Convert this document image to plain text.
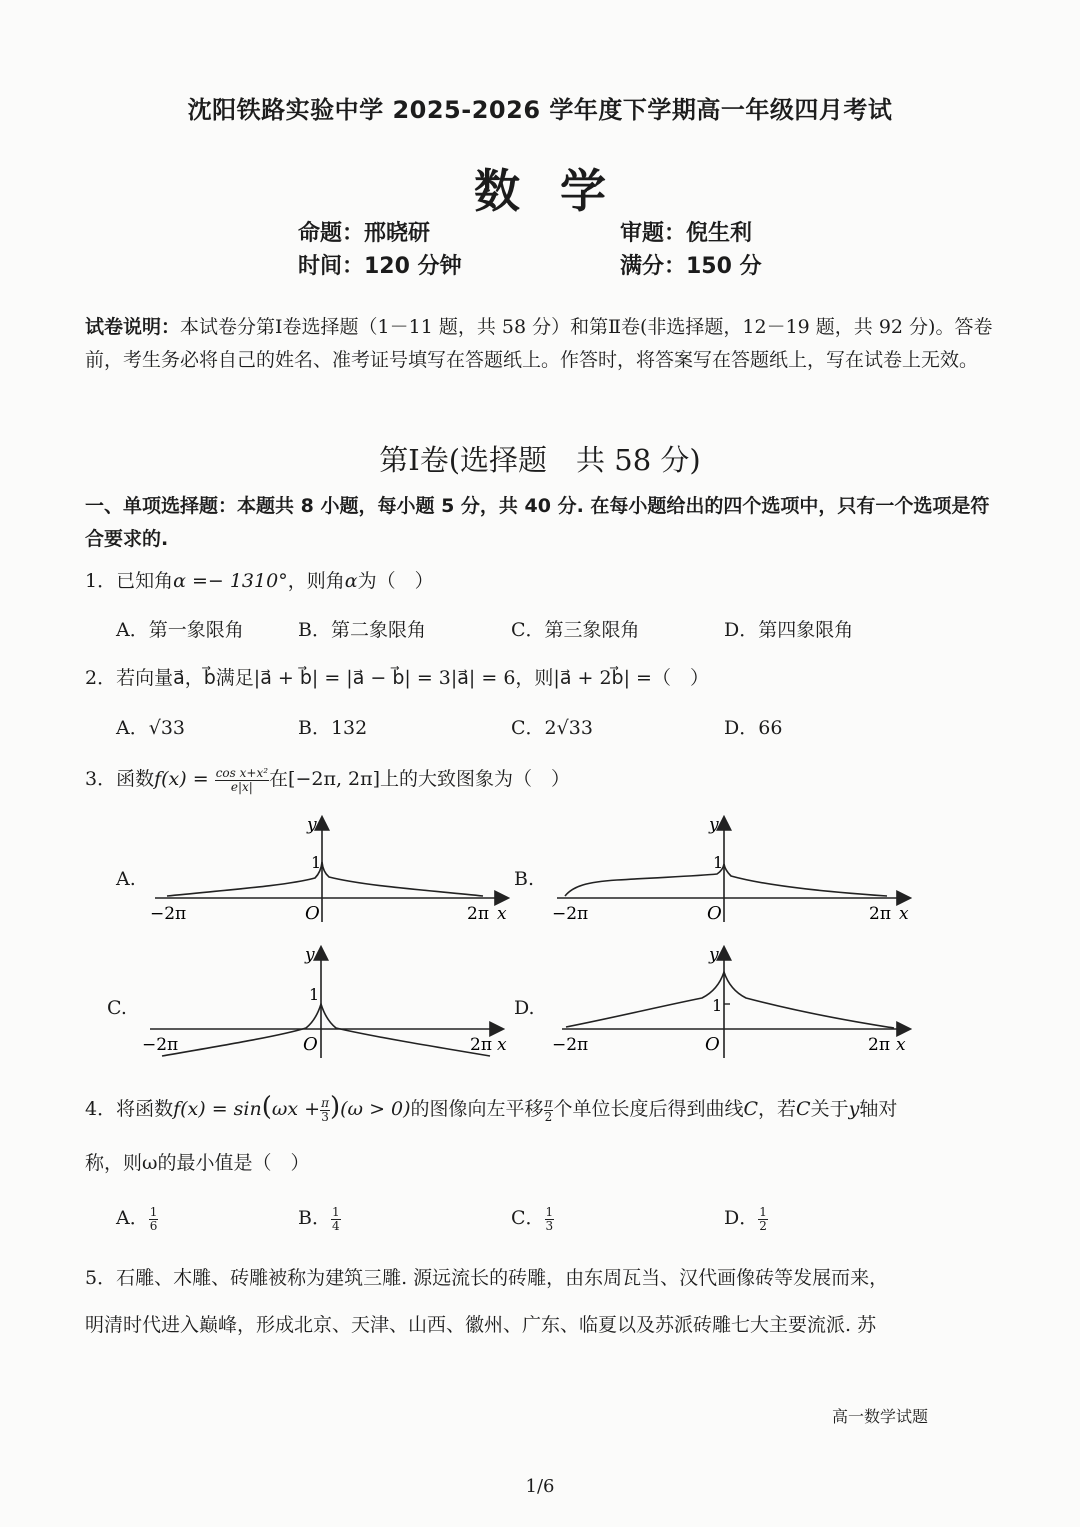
沈阳铁路实验中学 2025-2026 学年度下学期高一年级四月考试
数学
命题：邢晓研	审题：倪生利
时间：120 分钟	满分：150 分
试卷说明：本试卷分第Ⅰ卷选择题（1－11 题，共 58 分）和第Ⅱ卷(非选择题，12－19 题，共 92 分)。答卷前，考生务必将自己的姓名、准考证号填写在答题纸上。作答时，将答案写在答题纸上，写在试卷上无效。
第Ⅰ卷(选择题　共 58 分)
一、单项选择题：本题共 8 小题，每小题 5 分，共 40 分. 在每小题给出的四个选项中，只有一个选项是符合要求的.
1．已知角α =− 1310°，则角α为（　）
A．第一象限角	B．第二象限角	C．第三象限角	D．第四象限角
2．若向量a⃗，b⃗满足|a⃗ + b⃗| = |a⃗ − b⃗| = 3|a⃗| = 6，则|a⃗ + 2b⃗| =（　）
A．√33	B．132	C．2√33	D．66
3．函数$f(x) = \frac{\text{cos x+x²}}{e|x|}$ 在[−2π, 2π]上的大致图象为（　）
A.	B.
C.	D.
y
1
O
−2π	2π x
y
1
O
−2π	2π x
y
1
O
−2π	2π x
y
1
O
−2π	2π x
4．将函数$f(x) = \sin(\omega x + \frac{\pi}{3} )(\omega > 0)$的图像向左平移 $\frac{\pi}{2}$ 个单位长度后得到曲线C，若C关于y轴对
称，则ω的最小值是（　）
A． $\frac{1}{6}$	B． $\frac{1}{4}$	C． $\frac{1}{3}$	D． $\frac{1}{2}$
5．石雕、木雕、砖雕被称为建筑三雕. 源远流长的砖雕，由东周瓦当、汉代画像砖等发展而来，
明清时代进入巅峰，形成北京、天津、山西、徽州、广东、临夏以及苏派砖雕七大主要流派. 苏
高一数学试题
1/6
